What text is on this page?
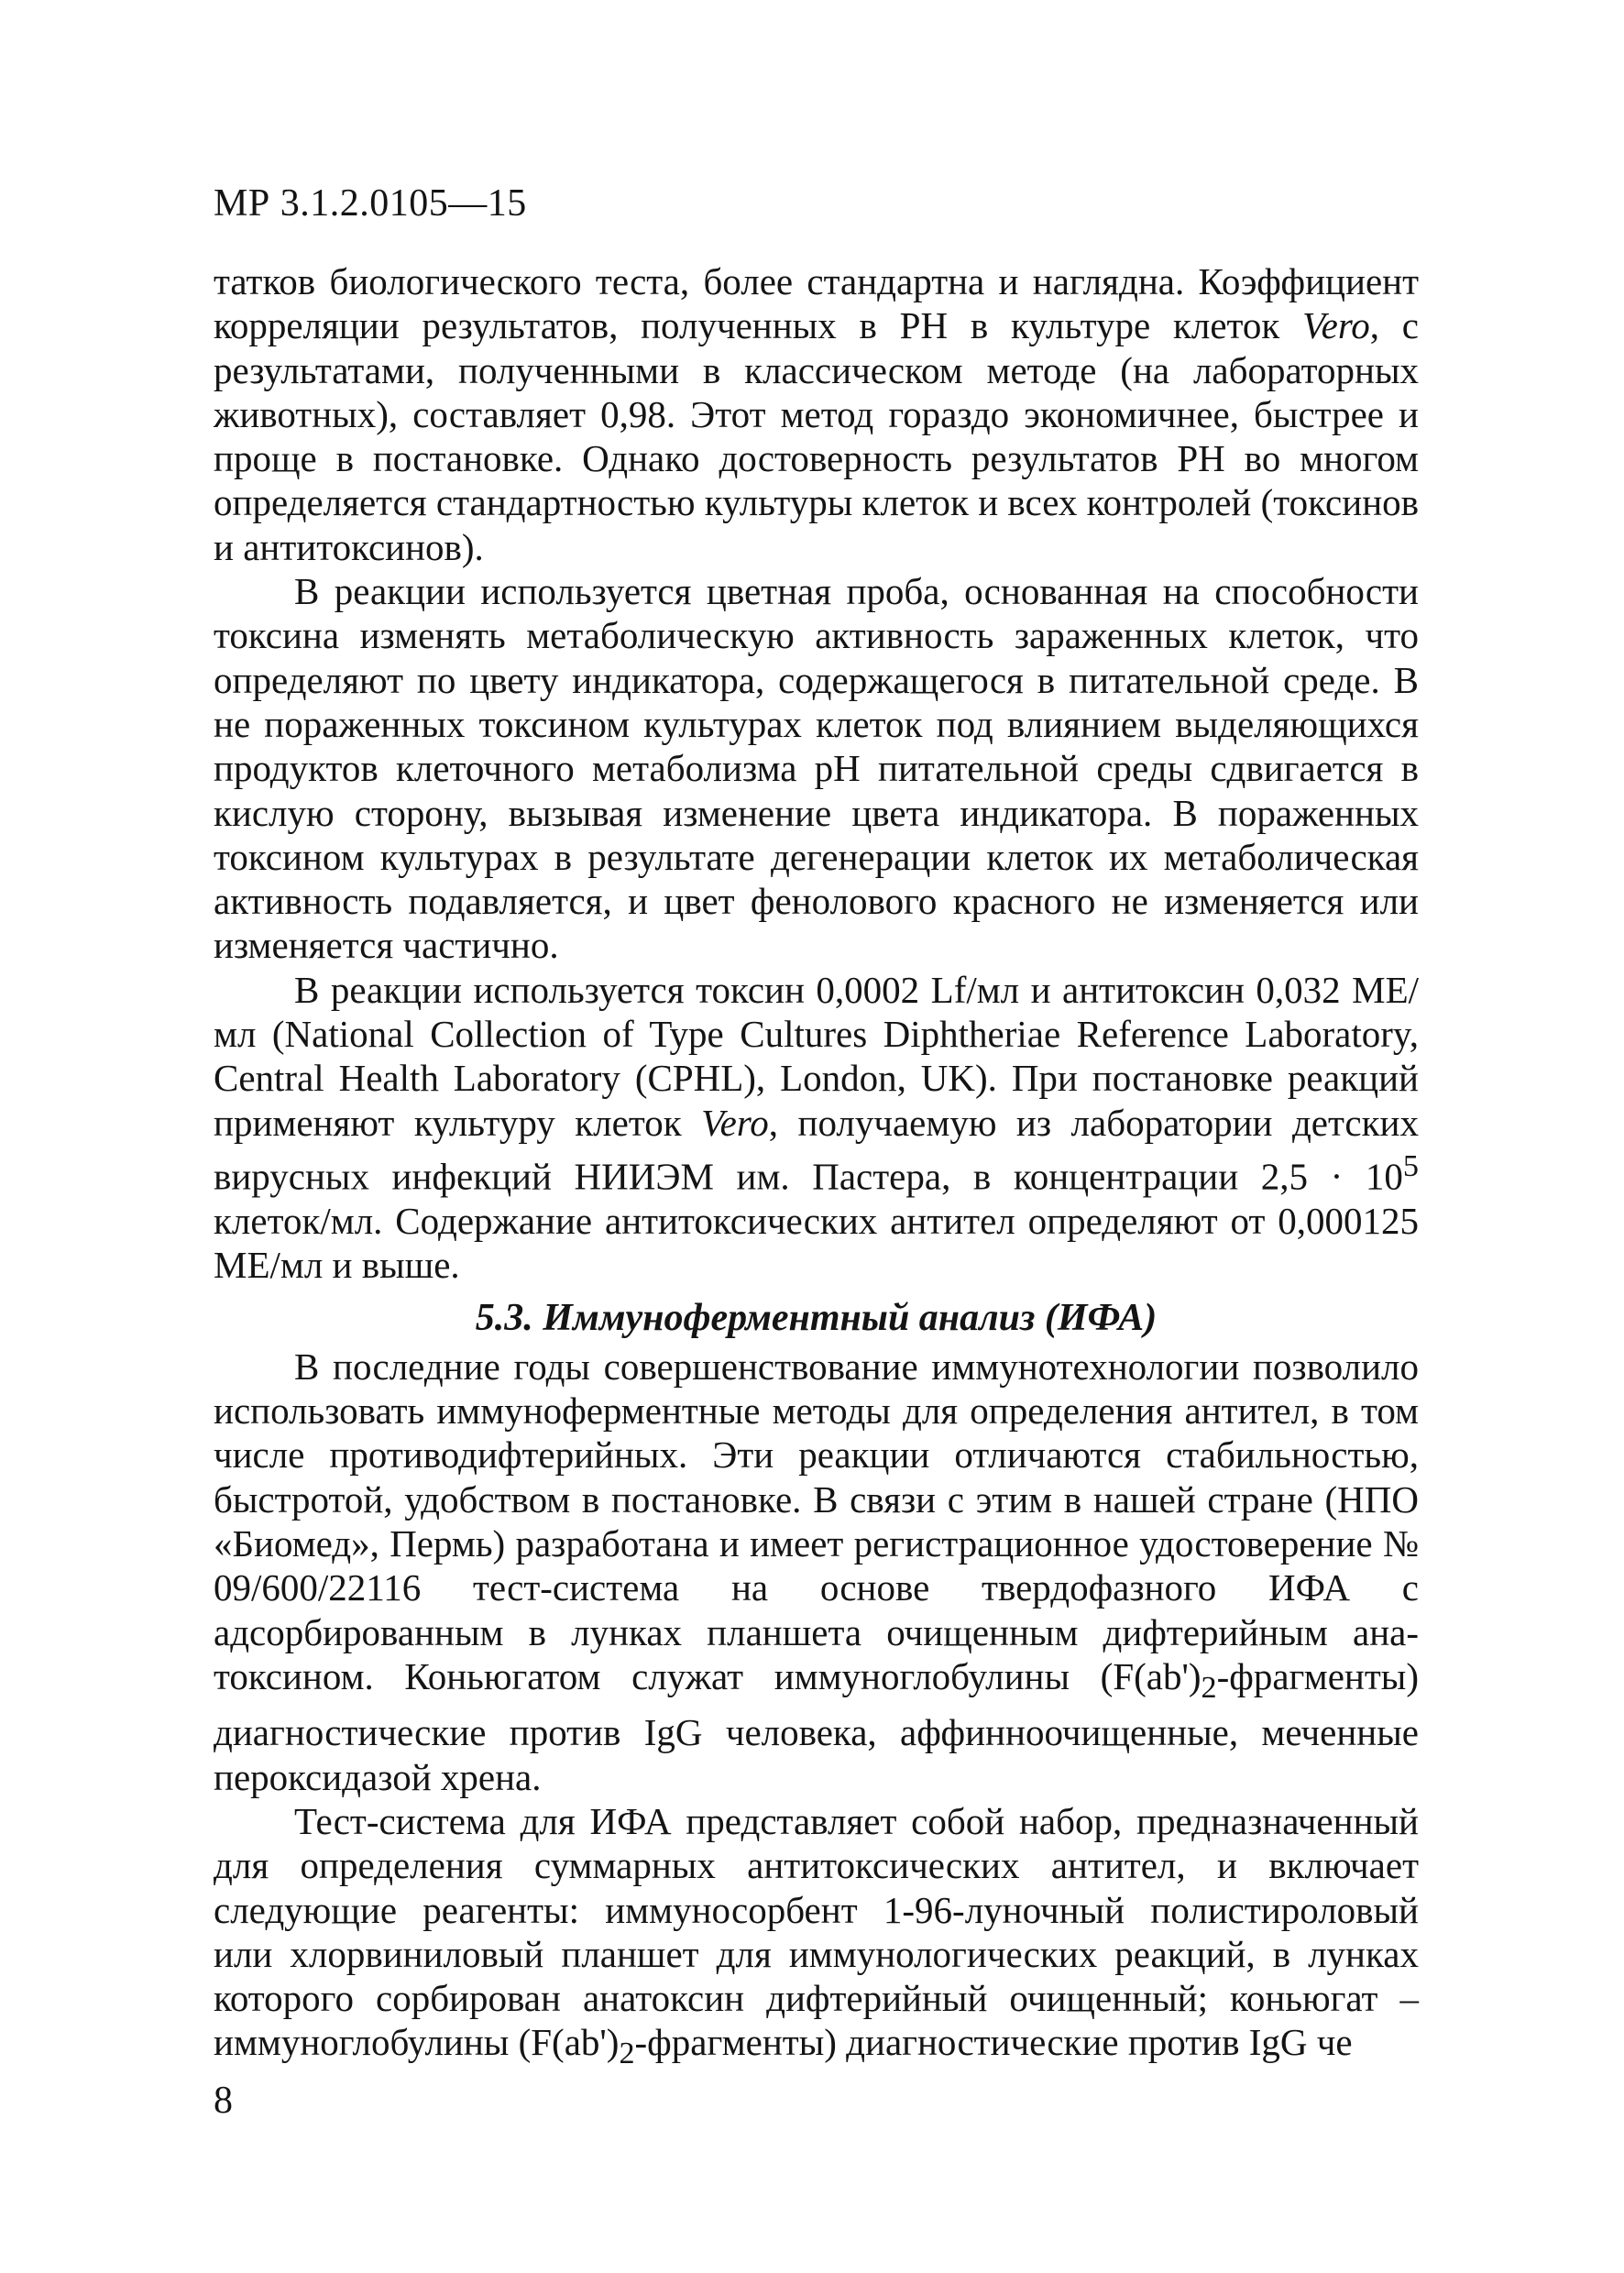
МР 3.1.2.0105—15

татков биологического теста, более стандартна и наглядна. Коэффициент корреляции результатов, полученных в РН в культуре клеток Vero, с результатами, полученными в классическом методе (на лабораторных животных), составляет 0,98. Этот метод гораздо экономичнее, быстрее и проще в постановке. Однако достоверность результатов РН во многом определяется стандартностью культуры клеток и всех контролей (токсинов и антитоксинов).

В реакции используется цветная проба, основанная на способности токсина изменять метаболическую активность зараженных клеток, что определяют по цвету индикатора, содержащегося в питательной среде. В не пораженных токсином культурах клеток под влиянием выделяющихся продуктов клеточного метаболизма рН питательной среды сдвигается в кислую сторону, вызывая изменение цвета индикатора. В пораженных токсином культурах в результате дегенерации клеток их метаболическая активность подавляется, и цвет фенолового красного не изменяется или изменяется частично.

В реакции используется токсин 0,0002 Lf/мл и антитоксин 0,032 МЕ/мл (National Collection of Type Cultures Diphtheriae Reference Laboratory, Central Health Laboratory (CPHL), London, UK). При постановке реакций применяют культуру клеток Vero, получаемую из лаборатории детских вирусных инфекций НИИЭМ им. Пастера, в концентрации $2,5 \cdot 10^5$ клеток/мл. Содержание антитоксических антител определяют от 0,000125 МЕ/мл и выше.

5.3. Иммуноферментный анализ (ИФА)

В последние годы совершенствование иммунотехнологии позволило использовать иммуноферментные методы для определения антител, в том числе противодифтерийных. Эти реакции отличаются стабильностью, быстротой, удобством в постановке. В связи с этим в нашей стране (НПО «Биомед», Пермь) разработана и имеет регистрационное удостоверение № 09/600/22116 тест-система на основе твердофазного ИФА с адсорбированным в лунках планшета очищенным дифтерийным анатоксином. Коньюгатом служат иммуноглобулины $(F(ab')_2-фрагменты)$ диагностические против IgG человека, аффинноочищенные, меченные пероксидазой хрена.

Тест-система для ИФА представляет собой набор, предназначенный для определения суммарных антитоксических антител, и включает следующие реагенты: иммуносорбент 1-96-луночный полистироловый или хлорвиниловый планшет для иммунологических реакций, в лунках которого сорбирован анатоксин дифтерийный очищенный; коньюгат – иммуноглобулины $(F(ab')_2-фрагменты)$ диагностические против IgG че

8
